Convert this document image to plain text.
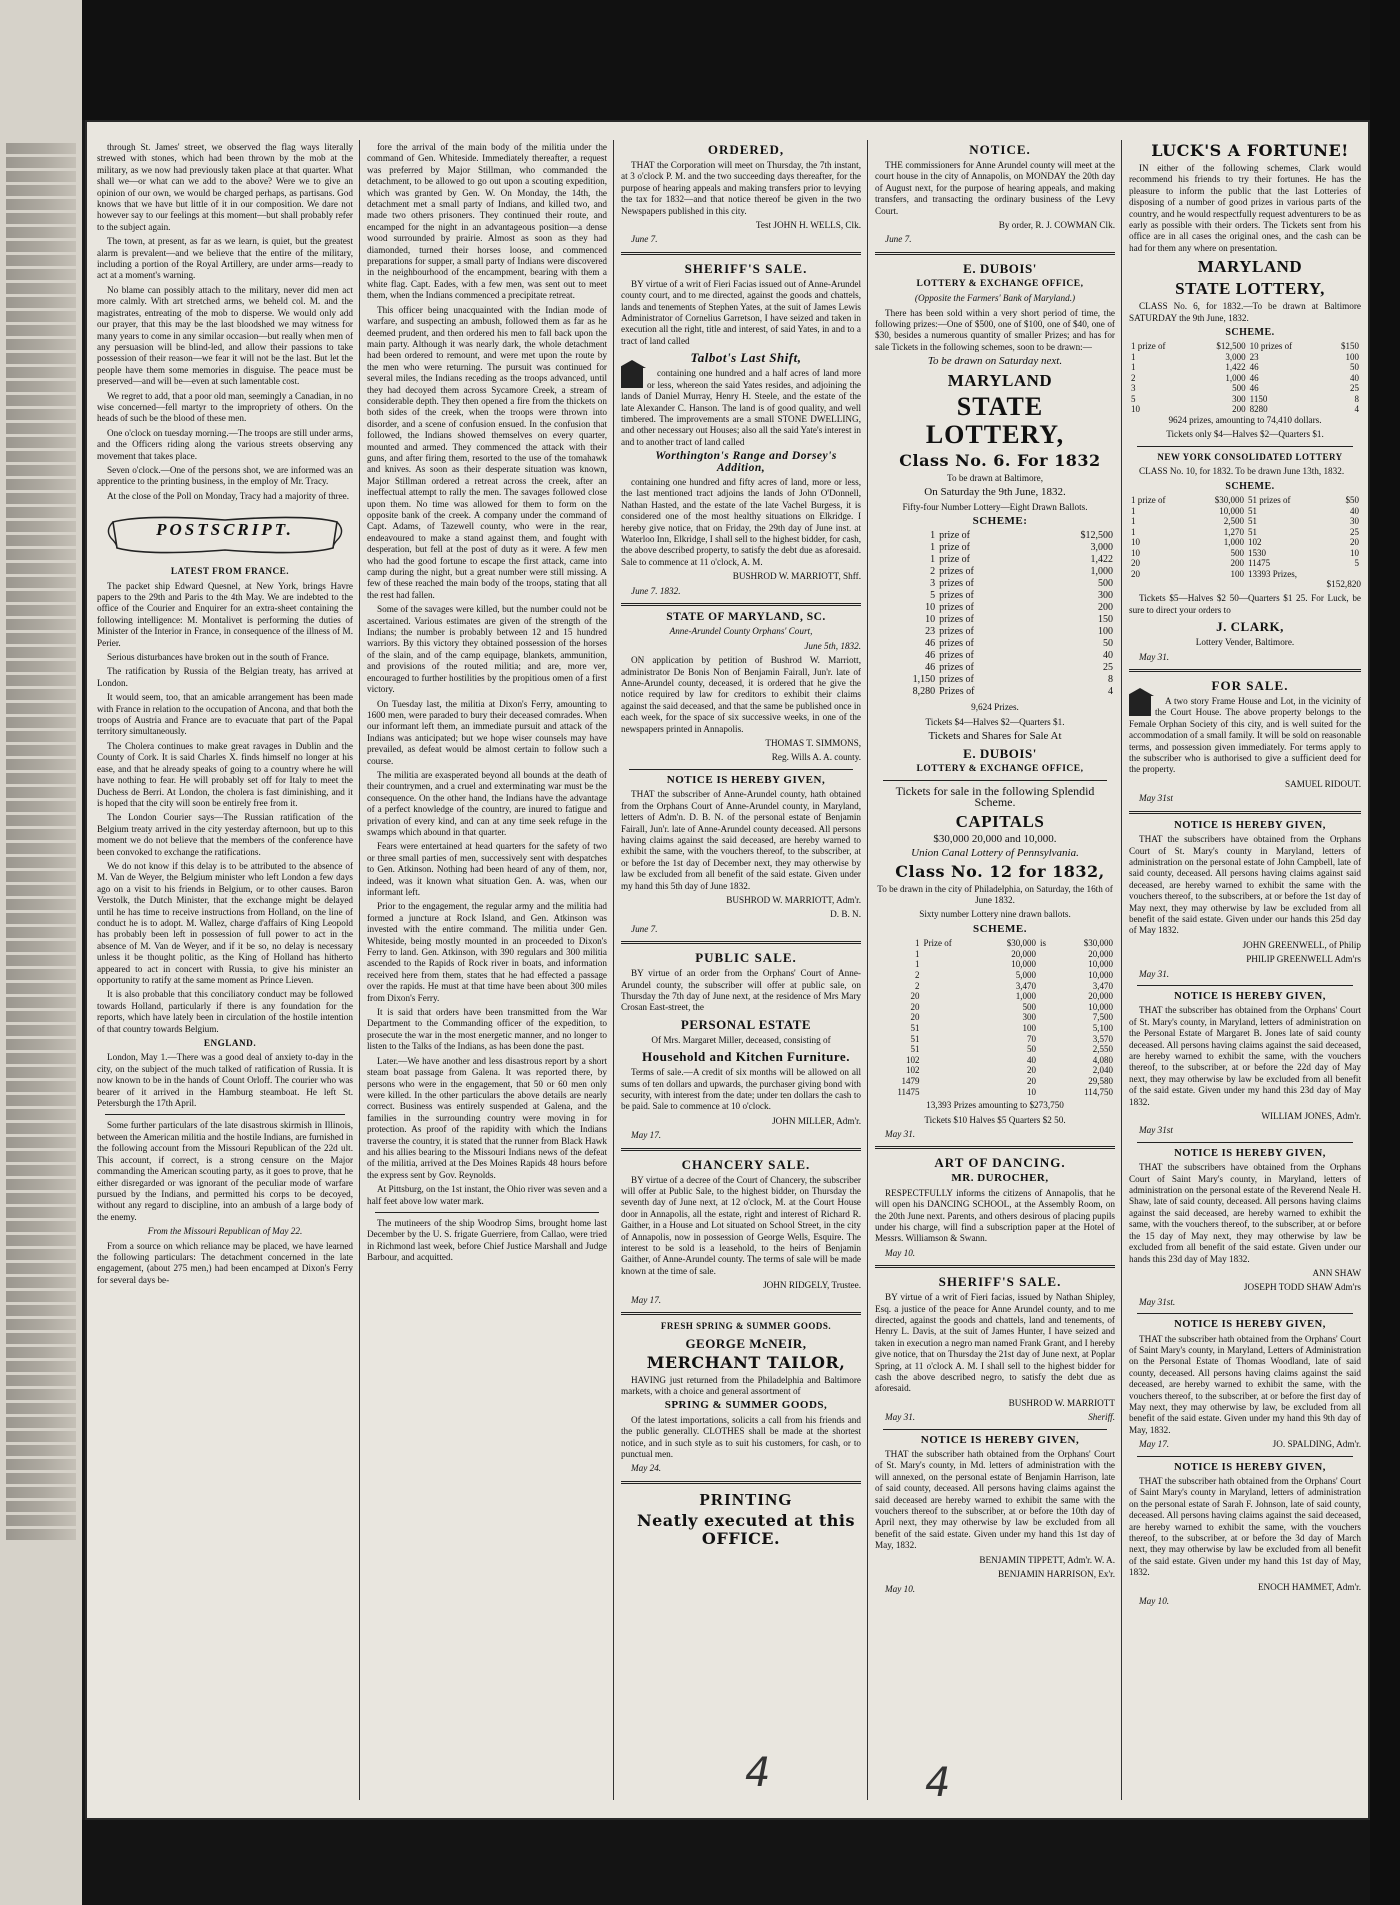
through St. James' street, we observed the flag ways literally strewed with stones, which had been thrown by the mob at the military, as we now had previously taken place at that quarter. What shall we—or what can we add to the above? Were we to give an opinion of our own, we would be charged perhaps, as partisans. God knows that we have but little of it in our composition. We dare not however say to our feelings at this moment—but shall probably refer to the subject again.

The town, at present, as far as we learn, is quiet, but the greatest alarm is prevalent—and we believe that the entire of the military, including a portion of the Royal Artillery, are under arms—ready to act at a moment's warning.

No blame can possibly attach to the military, never did men act more calmly. With art stretched arms, we beheld col. M. and the magistrates, entreating of the mob to disperse. We would only add our prayer, that this may be the last bloodshed we may witness for many years to come in any similar occasion—but really when men of any persuasion will be blind-led, and allow their passions to take possession of their reason—we fear it will not be the last. But let the people have them some memories in disguise. The peace must be preserved—and will be—even at such lamentable cost.

We regret to add, that a poor old man, seemingly a Canadian, in no wise concerned—fell martyr to the impropriety of others. On the heads of such be the blood of these men.

One o'clock on tuesday morning.—The troops are still under arms, and the Officers riding along the various streets observing any movement that takes place.

Seven o'clock.—One of the persons shot, we are informed was an apprentice to the printing business, in the employ of Mr. Tracy.

At the close of the Poll on Monday, Tracy had a majority of three.

POSTSCRIPT.

LATEST FROM FRANCE.

The packet ship Edward Quesnel, at New York, brings Havre papers to the 29th and Paris to the 4th May. We are indebted to the office of the Courier and Enquirer for an extra-sheet containing the following intelligence: M. Montalivet is performing the duties of Minister of the Interior in France, in consequence of the illness of M. Perier.

Serious disturbances have broken out in the south of France.

The ratification by Russia of the Belgian treaty, has arrived at London.

It would seem, too, that an amicable arrangement has been made with France in relation to the occupation of Ancona, and that both the troops of Austria and France are to evacuate that part of the Papal territory simultaneously.

The Cholera continues to make great ravages in Dublin and the County of Cork. It is said Charles X. finds himself no longer at his ease, and that he already speaks of going to a country where he will have nothing to fear. He will probably set off for Italy to meet the Duchess de Berri. At London, the cholera is fast diminishing, and it is hoped that the city will soon be entirely free from it.

The London Courier says—The Russian ratification of the Belgium treaty arrived in the city yesterday afternoon, but up to this moment we do not believe that the members of the conference have been convoked to exchange the ratifications.

We do not know if this delay is to be attributed to the absence of M. Van de Weyer, the Belgium minister who left London a few days ago on a visit to his friends in Belgium, or to other causes. Baron Verstolk, the Dutch Minister, that the exchange might be delayed until he has time to receive instructions from Holland, on the line of conduct he is to adopt. M. Wallez, charge d'affairs of King Leopold has probably been left in possession of full power to act in the absence of M. Van de Weyer, and if it be so, no delay is necessary unless it be thought politic, as the King of Holland has hitherto appeared to act in concert with Russia, to give his minister an opportunity to ratify at the same moment as Prince Lieven.

It is also probable that this conciliatory conduct may be followed towards Holland, particularly if there is any foundation for the reports, which have lately been in circulation of the hostile intention of that country towards Belgium.

ENGLAND.

London, May 1.—There was a good deal of anxiety to-day in the city, on the subject of the much talked of ratification of Russia. It is now known to be in the hands of Count Orloff. The courier who was bearer of it arrived in the Hamburg steamboat. He left St. Petersburgh the 17th April.

Some further particulars of the late disastrous skirmish in Illinois, between the American militia and the hostile Indians, are furnished in the following account from the Missouri Republican of the 22d ult. This account, if correct, is a strong censure on the Major commanding the American scouting party, as it goes to prove, that he either disregarded or was ignorant of the peculiar mode of warfare pursued by the Indians, and permitted his corps to be decoyed, without any regard to discipline, into an ambush of a large body of the enemy.

From the Missouri Republican of May 22.

From a source on which reliance may be placed, we have learned the following particulars: The detachment concerned in the late engagement, (about 275 men,) had been encamped at Dixon's Ferry for several days be-

fore the arrival of the main body of the militia under the command of Gen. Whiteside. Immediately thereafter, a request was preferred by Major Stillman, who commanded the detachment, to be allowed to go out upon a scouting expedition, which was granted by Gen. W. On Monday, the 14th, the detachment met a small party of Indians, and killed two, and made two others prisoners. They continued their route, and encamped for the night in an advantageous position—a dense wood surrounded by prairie. Almost as soon as they had diamonded, turned their horses loose, and commenced preparations for supper, a small party of Indians were discovered in the neighbourhood of the encampment, bearing with them a white flag. Capt. Eades, with a few men, was sent out to meet them, when the Indians commenced a precipitate retreat.

This officer being unacquainted with the Indian mode of warfare, and suspecting an ambush, followed them as far as he deemed prudent, and then ordered his men to fall back upon the main party. Although it was nearly dark, the whole detachment had been ordered to remount, and were met upon the route by the men who were returning. The pursuit was continued for several miles, the Indians receding as the troops advanced, until they had decoyed them across Sycamore Creek, a stream of considerable depth. They then opened a fire from the thickets on both sides of the creek, when the troops were thrown into disorder, and a scene of confusion ensued. In the confusion that followed, the Indians showed themselves on every quarter, mounted and armed. They commenced the attack with their guns, and after firing them, resorted to the use of the tomahawk and knives. As soon as their desperate situation was known, Major Stillman ordered a retreat across the creek, after an ineffectual attempt to rally the men. The savages followed close upon them. No time was allowed for them to form on the opposite bank of the creek. A company under the command of Capt. Adams, of Tazewell county, who were in the rear, endeavoured to make a stand against them, and fought with desperation, but fell at the post of duty as it were. A few men who had the good fortune to escape the first attack, came into camp during the night, but a great number were still missing. A few of these reached the main body of the troops, stating that all the rest had fallen.

Some of the savages were killed, but the number could not be ascertained. Various estimates are given of the strength of the Indians; the number is probably between 12 and 15 hundred warriors. By this victory they obtained possession of the horses of the slain, and of the camp equipage, blankets, ammunition, and provisions of the routed militia; and are, more ver, encouraged to further hostilities by the propitious omen of a first victory.

On Tuesday last, the militia at Dixon's Ferry, amounting to 1600 men, were paraded to bury their deceased comrades. When our informant left them, an immediate pursuit and attack of the Indians was anticipated; but we hope wiser counsels may have prevailed, as defeat would be almost certain to follow such a course.

The militia are exasperated beyond all bounds at the death of their countrymen, and a cruel and exterminating war must be the consequence. On the other hand, the Indians have the advantage of a perfect knowledge of the country, are inured to fatigue and privation of every kind, and can at any time seek refuge in the swamps which abound in that quarter.

Fears were entertained at head quarters for the safety of two or three small parties of men, successively sent with despatches to Gen. Atkinson. Nothing had been heard of any of them, nor, indeed, was it known what situation Gen. A. was, when our informant left.

Prior to the engagement, the regular army and the militia had formed a juncture at Rock Island, and Gen. Atkinson was invested with the entire command. The militia under Gen. Whiteside, being mostly mounted in an proceeded to Dixon's Ferry to land. Gen. Atkinson, with 390 regulars and 300 militia ascended to the Rapids of Rock river in boats, and information received here from them, states that he had effected a passage over the rapids. He must at that time have been about 300 miles from Dixon's Ferry.

It is said that orders have been transmitted from the War Department to the Commanding officer of the expedition, to prosecute the war in the most energetic manner, and no longer to listen to the Talks of the Indians, as has been done the past.

Later.—We have another and less disastrous report by a short steam boat passage from Galena. It was reported there, by persons who were in the engagement, that 50 or 60 men only were killed. In the other particulars the above details are nearly correct. Business was entirely suspended at Galena, and the families in the surrounding country were moving in for protection. As proof of the rapidity with which the Indians traverse the country, it is stated that the runner from Black Hawk and his allies bearing to the Missouri Indians news of the defeat of the militia, arrived at the Des Moines Rapids 48 hours before the express sent by Gov. Reynolds.

At Pittsburg, on the 1st instant, the Ohio river was seven and a half feet above low water mark.

The mutineers of the ship Woodrop Sims, brought home last December by the U. S. frigate Guerriere, from Callao, were tried in Richmond last week, before Chief Justice Marshall and Judge Barbour, and acquitted.

ORDERED,

THAT the Corporation will meet on Thursday, the 7th instant, at 3 o'clock P. M. and the two succeeding days thereafter, for the purpose of hearing appeals and making transfers prior to levying the tax for 1832—and that notice thereof be given in the two Newspapers published in this city.

Test JOHN H. WELLS, Clk.

June 7.

SHERIFF'S SALE.

BY virtue of a writ of Fieri Facias issued out of Anne-Arundel county court, and to me directed, against the goods and chattels, lands and tenements of Stephen Yates, at the suit of James Lewis Administrator of Cornelius Garretson, I have seized and taken in execution all the right, title and interest, of said Yates, in and to a tract of land called

Talbot's Last Shift,

containing one hundred and a half acres of land more or less, whereon the said Yates resides, and adjoining the lands of Daniel Murray, Henry H. Steele, and the estate of the late Alexander C. Hanson. The land is of good quality, and well timbered. The improvements are a small STONE DWELLING, and other necessary out Houses; also all the said Yate's interest in and to another tract of land called

Worthington's Range and Dorsey's Addition,

containing one hundred and fifty acres of land, more or less, the last mentioned tract adjoins the lands of John O'Donnell, Nathan Hasted, and the estate of the late Vachel Burgess, it is considered one of the most healthy situations on Elkridge. I hereby give notice, that on Friday, the 29th day of June inst. at Waterloo Inn, Elkridge, I shall sell to the highest bidder, for cash, the above described property, to satisfy the debt due as aforesaid. Sale to commence at 11 o'clock, A. M.

BUSHROD W. MARRIOTT, Shff.

June 7. 1832.

STATE OF MARYLAND, SC.

Anne-Arundel County Orphans' Court,

June 5th, 1832.

ON application by petition of Bushrod W. Marriott, administrator De Bonis Non of Benjamin Fairall, Jun'r. late of Anne-Arundel county, deceased, it is ordered that he give the notice required by law for creditors to exhibit their claims against the said deceased, and that the same be published once in each week, for the space of six successive weeks, in one of the newspapers printed in Annapolis.

THOMAS T. SIMMONS,

Reg. Wills A. A. county.

NOTICE IS HEREBY GIVEN,

THAT the subscriber of Anne-Arundel county, hath obtained from the Orphans Court of Anne-Arundel county, in Maryland, letters of Adm'n. D. B. N. of the personal estate of Benjamin Fairall, Jun'r. late of Anne-Arundel county deceased. All persons having claims against the said deceased, are hereby warned to exhibit the same, with the vouchers thereof, to the subscriber, at or before the 1st day of December next, they may otherwise by law be excluded from all benefit of the said estate. Given under my hand this 5th day of June 1832.

BUSHROD W. MARRIOTT, Adm'r.

D. B. N.

June 7.

PUBLIC SALE.

BY virtue of an order from the Orphans' Court of Anne-Arundel county, the subscriber will offer at public sale, on Thursday the 7th day of June next, at the residence of Mrs Mary Crosan East-street, the

PERSONAL ESTATE

Of Mrs. Margaret Miller, deceased, consisting of

Household and Kitchen Furniture.

Terms of sale.—A credit of six months will be allowed on all sums of ten dollars and upwards, the purchaser giving bond with security, with interest from the date; under ten dollars the cash to be paid. Sale to commence at 10 o'clock.

JOHN MILLER, Adm'r.

May 17.

CHANCERY SALE.

BY virtue of a decree of the Court of Chancery, the subscriber will offer at Public Sale, to the highest bidder, on Thursday the seventh day of June next, at 12 o'clock, M. at the Court House door in Annapolis, all the estate, right and interest of Richard R. Gaither, in a House and Lot situated on School Street, in the city of Annapolis, now in possession of George Wells, Esquire. The interest to be sold is a leasehold, to the heirs of Benjamin Gaither, of Anne-Arundel county. The terms of sale will be made known at the time of sale.

JOHN RIDGELY, Trustee.

May 17.

FRESH SPRING & SUMMER GOODS.

GEORGE McNEIR,

MERCHANT TAILOR,

HAVING just returned from the Philadelphia and Baltimore markets, with a choice and general assortment of

SPRING & SUMMER GOODS,

Of the latest importations, solicits a call from his friends and the public generally. CLOTHES shall be made at the shortest notice, and in such style as to suit his customers, for cash, or to punctual men.

May 24.

PRINTING

Neatly executed at this OFFICE.

NOTICE.

THE commissioners for Anne Arundel county will meet at the court house in the city of Annapolis, on MONDAY the 20th day of August next, for the purpose of hearing appeals, and making transfers, and transacting the ordinary business of the Levy Court.

By order, R. J. COWMAN Clk.

June 7.

E. DUBOIS'

LOTTERY & EXCHANGE OFFICE,

(Opposite the Farmers' Bank of Maryland.)

There has been sold within a very short period of time, the following prizes:—One of $500, one of $100, one of $40, one of $30, besides a numerous quantity of smaller Prizes; and has for sale Tickets in the following schemes, soon to be drawn:—

To be drawn on Saturday next.

MARYLAND

STATE LOTTERY,

Class No. 6. For 1832

To be drawn at Baltimore,

On Saturday the 9th June, 1832.

Fifty-four Number Lottery—Eight Drawn Ballots.

SCHEME:

1	prize of	$12,500
1	prize of	3,000
1	prize of	1,422
2	prizes of	1,000
3	prizes of	500
5	prizes of	300
10	prizes of	200
10	prizes of	150
23	prizes of	100
46	prizes of	50
46	prizes of	40
46	prizes of	25
1,150	prizes of	8
8,280	Prizes of	4

9,624 Prizes.

Tickets $4—Halves $2—Quarters $1.

Tickets and Shares for Sale At

E. DUBOIS'

LOTTERY & EXCHANGE OFFICE,

Tickets for sale in the following Splendid Scheme.

CAPITALS

$30,000 20,000 and 10,000.

Union Canal Lottery of Pennsylvania.

Class No. 12 for 1832,

To be drawn in the city of Philadelphia, on Saturday, the 16th of June 1832.

Sixty number Lottery nine drawn ballots.

SCHEME.

1	Prize of	$30,000	is	$30,000
1		20,000		20,000
1		10,000		10,000
2		5,000		10,000
2		3,470		3,470
20		1,000		20,000
20		500		10,000
20		300		7,500
51		100		5,100
51		70		3,570
51		50		2,550
102		40		4,080
102		20		2,040
1479		20		29,580
11475		10		114,750

13,393 Prizes amounting to $273,750

Tickets $10 Halves $5 Quarters $2 50.

May 31.

ART OF DANCING.

MR. DUROCHER,

RESPECTFULLY informs the citizens of Annapolis, that he will open his DANCING SCHOOL, at the Assembly Room, on the 20th June next. Parents, and others desirous of placing pupils under his charge, will find a subscription paper at the Hotel of Messrs. Williamson & Swann.

May 10.

SHERIFF'S SALE.

BY virtue of a writ of Fieri facias, issued by Nathan Shipley, Esq. a justice of the peace for Anne Arundel county, and to me directed, against the goods and chattels, land and tenements, of Henry L. Davis, at the suit of James Hunter, I have seized and taken in execution a negro man named Frank Grant, and I hereby give notice, that on Thursday the 21st day of June next, at Poplar Spring, at 11 o'clock A. M. I shall sell to the highest bidder for cash the above described negro, to satisfy the debt due as aforesaid.

BUSHROD W. MARRIOTT

May 31.	Sheriff.

NOTICE IS HEREBY GIVEN,

THAT the subscriber hath obtained from the Orphans' Court of St. Mary's county, in Md. letters of administration with the will annexed, on the personal estate of Benjamin Harrison, late of said county, deceased. All persons having claims against the said deceased are hereby warned to exhibit the same with the vouchers thereof to the subscriber, at or before the 10th day of April next, they may otherwise by law be excluded from all benefit of the said estate. Given under my hand this 1st day of May, 1832.

BENJAMIN TIPPETT, Adm'r. W. A.

BENJAMIN HARRISON, Ex'r.

May 10.

LUCK'S A FORTUNE!

IN either of the following schemes, Clark would recommend his friends to try their fortunes. He has the pleasure to inform the public that the last Lotteries of disposing of a number of good prizes in various parts of the country, and he would respectfully request adventurers to be as early as possible with their orders. The Tickets sent from his office are in all cases the original ones, and the cash can be had for them any where on presentation.

MARYLAND

STATE LOTTERY,

CLASS No. 6, for 1832.—To be drawn at Baltimore SATURDAY the 9th June, 1832.

SCHEME.

1 prize of	$12,500	10 prizes of	$150
1	3,000	23	100
1	1,422	46	50
2	1,000	46	40
3	500	46	25
5	300	1150	8
10	200	8280	4

9624 prizes, amounting to 74,410 dollars.

Tickets only $4—Halves $2—Quarters $1.

NEW YORK CONSOLIDATED LOTTERY

CLASS No. 10, for 1832. To be drawn June 13th, 1832.

SCHEME.

1 prize of	$30,000	51 prizes of	$50
1	10,000	51	40
1	2,500	51	30
1	1,270	51	25
10	1,000	102	20
10	500	1530	10
20	200	11475	5
20	100	13393 Prizes,	

$152,820

Tickets $5—Halves $2 50—Quarters $1 25. For Luck, be sure to direct your orders to

J. CLARK,

Lottery Vender, Baltimore.

May 31.

FOR SALE.

A two story Frame House and Lot, in the vicinity of the Court House. The above property belongs to the Female Orphan Society of this city, and is well suited for the accommodation of a small family. It will be sold on reasonable terms, and possession given immediately. For terms apply to the subscriber who is authorised to give a sufficient deed for the property.

SAMUEL RIDOUT.

May 31st

NOTICE IS HEREBY GIVEN,

THAT the subscribers have obtained from the Orphans Court of St. Mary's county in Maryland, letters of administration on the personal estate of John Campbell, late of said county, deceased. All persons having claims against said deceased, are hereby warned to exhibit the same with the vouchers thereof, to the subscribers, at or before the 1st day of May next, they may otherwise by law be excluded from all benefit of the said estate. Given under our hands this 25d day of May 1832.

JOHN GREENWELL, of Philip

PHILIP GREENWELL Adm'rs

May 31.

NOTICE IS HEREBY GIVEN,

THAT the subscriber has obtained from the Orphans' Court of St. Mary's county, in Maryland, letters of administration on the Personal Estate of Margaret B. Jones late of said county deceased. All persons having claims against the said deceased, are hereby warned to exhibit the same, with the vouchers thereof, to the subscriber, at or before the 22d day of May next, they may otherwise by law be excluded from all benefit of the said estate. Given under my hand this 23d day of May 1832.

WILLIAM JONES, Adm'r.

May 31st

NOTICE IS HEREBY GIVEN,

THAT the subscribers have obtained from the Orphans Court of Saint Mary's county, in Maryland, letters of administration on the personal estate of the Reverend Neale H. Shaw, late of said county, deceased. All persons having claims against the said deceased, are hereby warned to exhibit the same, with the vouchers thereof, to the subscriber, at or before the 15 day of May next, they may otherwise by law be excluded from all benefit of the said estate. Given under our hands this 23d day of May 1832.

ANN SHAW

JOSEPH TODD SHAW Adm'rs

May 31st.

NOTICE IS HEREBY GIVEN,

THAT the subscriber hath obtained from the Orphans' Court of Saint Mary's county, in Maryland, Letters of Administration on the Personal Estate of Thomas Woodland, late of said county, deceased. All persons having claims against the said deceased, are hereby warned to exhibit the same, with the vouchers thereof, to the subscriber, at or before the first day of May next, they may otherwise by law, be excluded from all benefit of the said estate. Given under my hand this 9th day of May, 1832.

May 17.	JO. SPALDING, Adm'r.

NOTICE IS HEREBY GIVEN,

THAT the subscriber hath obtained from the Orphans' Court of Saint Mary's county in Maryland, letters of administration on the personal estate of Sarah F. Johnson, late of said county, deceased. All persons having claims against the said deceased, are hereby warned to exhibit the same, with the vouchers thereof, to the subscriber, at or before the 3d day of March next, they may otherwise by law be excluded from all benefit of the said estate. Given under my hand this 1st day of May, 1832.

ENOCH HAMMET, Adm'r.

May 10.

4	4
